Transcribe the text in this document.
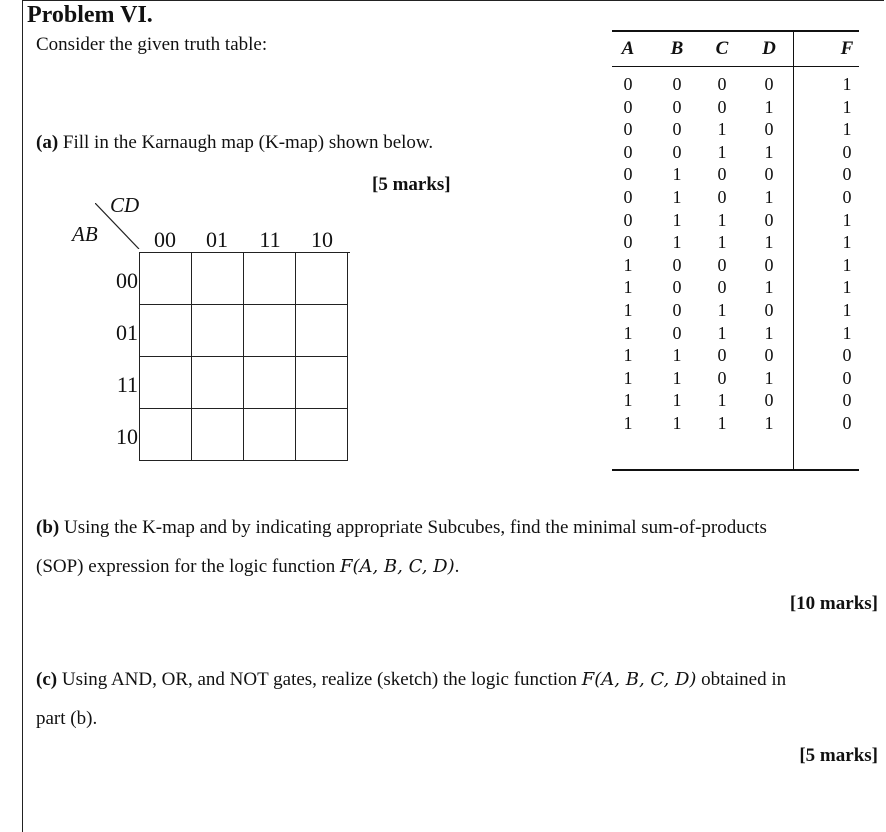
Problem VI.
Consider the given truth table:
(a) Fill in the Karnaugh map (K-map) shown below.
[5 marks]
CD
AB	00	01	11	10
00
01
11
10
A	B	C	D	F
0	0	0	0	1
0	0	0	1	1
0	0	1	0	1
0	0	1	1	0
0	1	0	0	0
0	1	0	1	0
0	1	1	0	1
0	1	1	1	1
1	0	0	0	1
1	0	0	1	1
1	0	1	0	1
1	0	1	1	1
1	1	0	0	0
1	1	0	1	0
1	1	1	0	0
1	1	1	1	0
(b) Using the K-map and by indicating appropriate Subcubes, find the minimal sum-of-products
(SOP) expression for the logic function F(A, B, C, D).
[10 marks]
(c) Using AND, OR, and NOT gates, realize (sketch) the logic function F(A, B, C, D) obtained in
part (b).
[5 marks]
